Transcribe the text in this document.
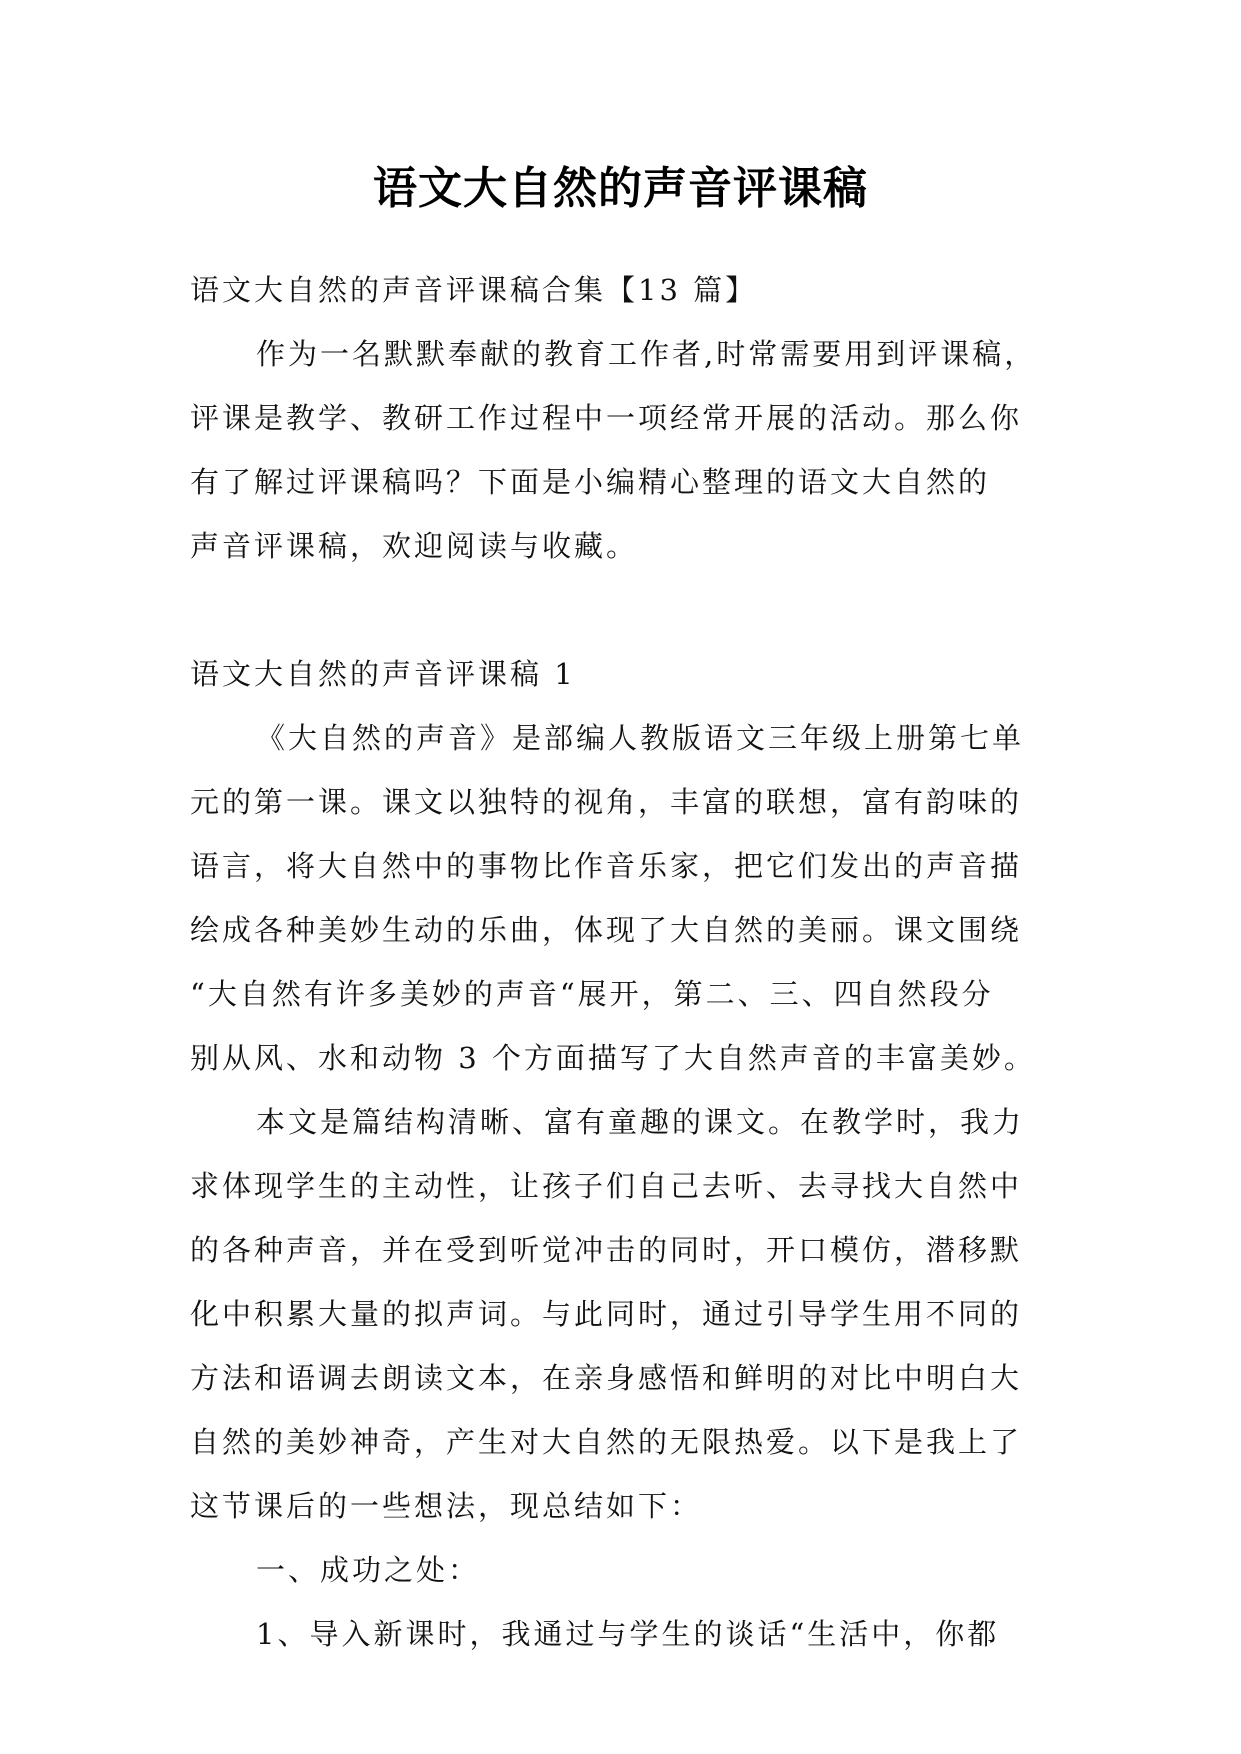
语文大自然的声音评课稿
语文大自然的声音评课稿合集【13 篇】
作为一名默默奉献的教育工作者,时常需要用到评课稿，
评课是教学、教研工作过程中一项经常开展的活动。那么你
有了解过评课稿吗？下面是小编精心整理的语文大自然的
声音评课稿，欢迎阅读与收藏。
语文大自然的声音评课稿 1
《大自然的声音》是部编人教版语文三年级上册第七单
元的第一课。课文以独特的视角，丰富的联想，富有韵味的
语言，将大自然中的事物比作音乐家，把它们发出的声音描
绘成各种美妙生动的乐曲，体现了大自然的美丽。课文围绕
“大自然有许多美妙的声音“展开，第二、三、四自然段分
别从风、水和动物 3 个方面描写了大自然声音的丰富美妙。
本文是篇结构清晰、富有童趣的课文。在教学时，我力
求体现学生的主动性，让孩子们自己去听、去寻找大自然中
的各种声音，并在受到听觉冲击的同时，开口模仿，潜移默
化中积累大量的拟声词。与此同时，通过引导学生用不同的
方法和语调去朗读文本，在亲身感悟和鲜明的对比中明白大
自然的美妙神奇，产生对大自然的无限热爱。以下是我上了
这节课后的一些想法，现总结如下：
一、成功之处：
1、导入新课时，我通过与学生的谈话“生活中，你都
